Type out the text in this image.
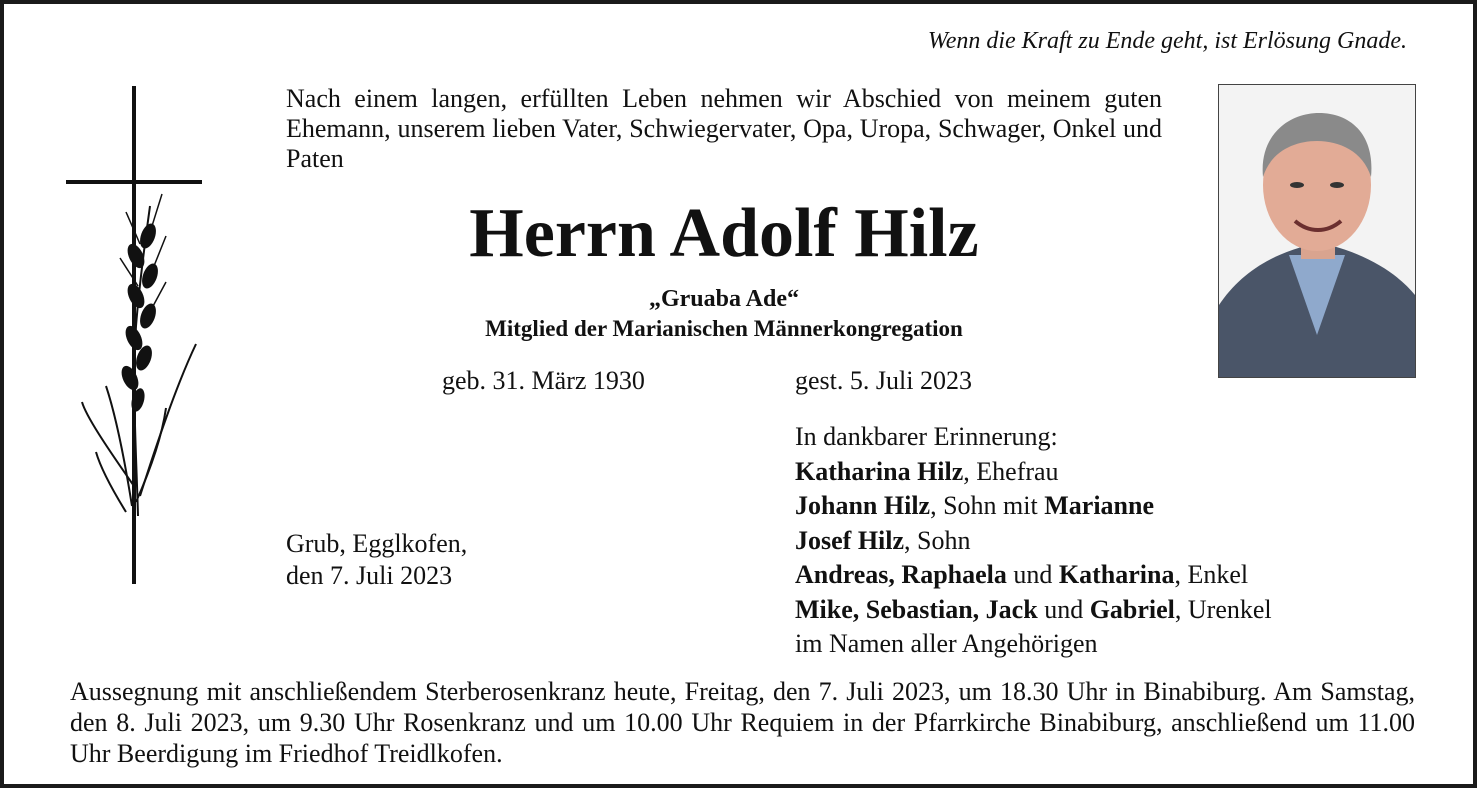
Wenn die Kraft zu Ende geht, ist Erlösung Gnade.
Nach einem langen, erfüllten Leben nehmen wir Abschied von meinem guten Ehemann, unserem lieben Vater, Schwiegervater, Opa, Uropa, Schwager, Onkel und Paten
Herrn Adolf Hilz
„Gruaba Ade“
Mitglied der Marianischen Männerkongregation
geb. 31. März 1930	gest. 5. Juli 2023
Grub, Egglkofen,
den 7. Juli 2023
In dankbarer Erinnerung:
Katharina Hilz, Ehefrau
Johann Hilz, Sohn mit Marianne
Josef Hilz, Sohn
Andreas, Raphaela und Katharina, Enkel
Mike, Sebastian, Jack und Gabriel, Urenkel
im Namen aller Angehörigen
Aussegnung mit anschließendem Sterberosenkranz heute, Freitag, den 7. Juli 2023, um 18.30 Uhr in Binabiburg. Am Samstag, den 8. Juli 2023, um 9.30 Uhr Rosenkranz und um 10.00 Uhr Requiem in der Pfarrkirche Binabiburg, anschließend um 11.00 Uhr Beerdigung im Friedhof Treidlkofen.
